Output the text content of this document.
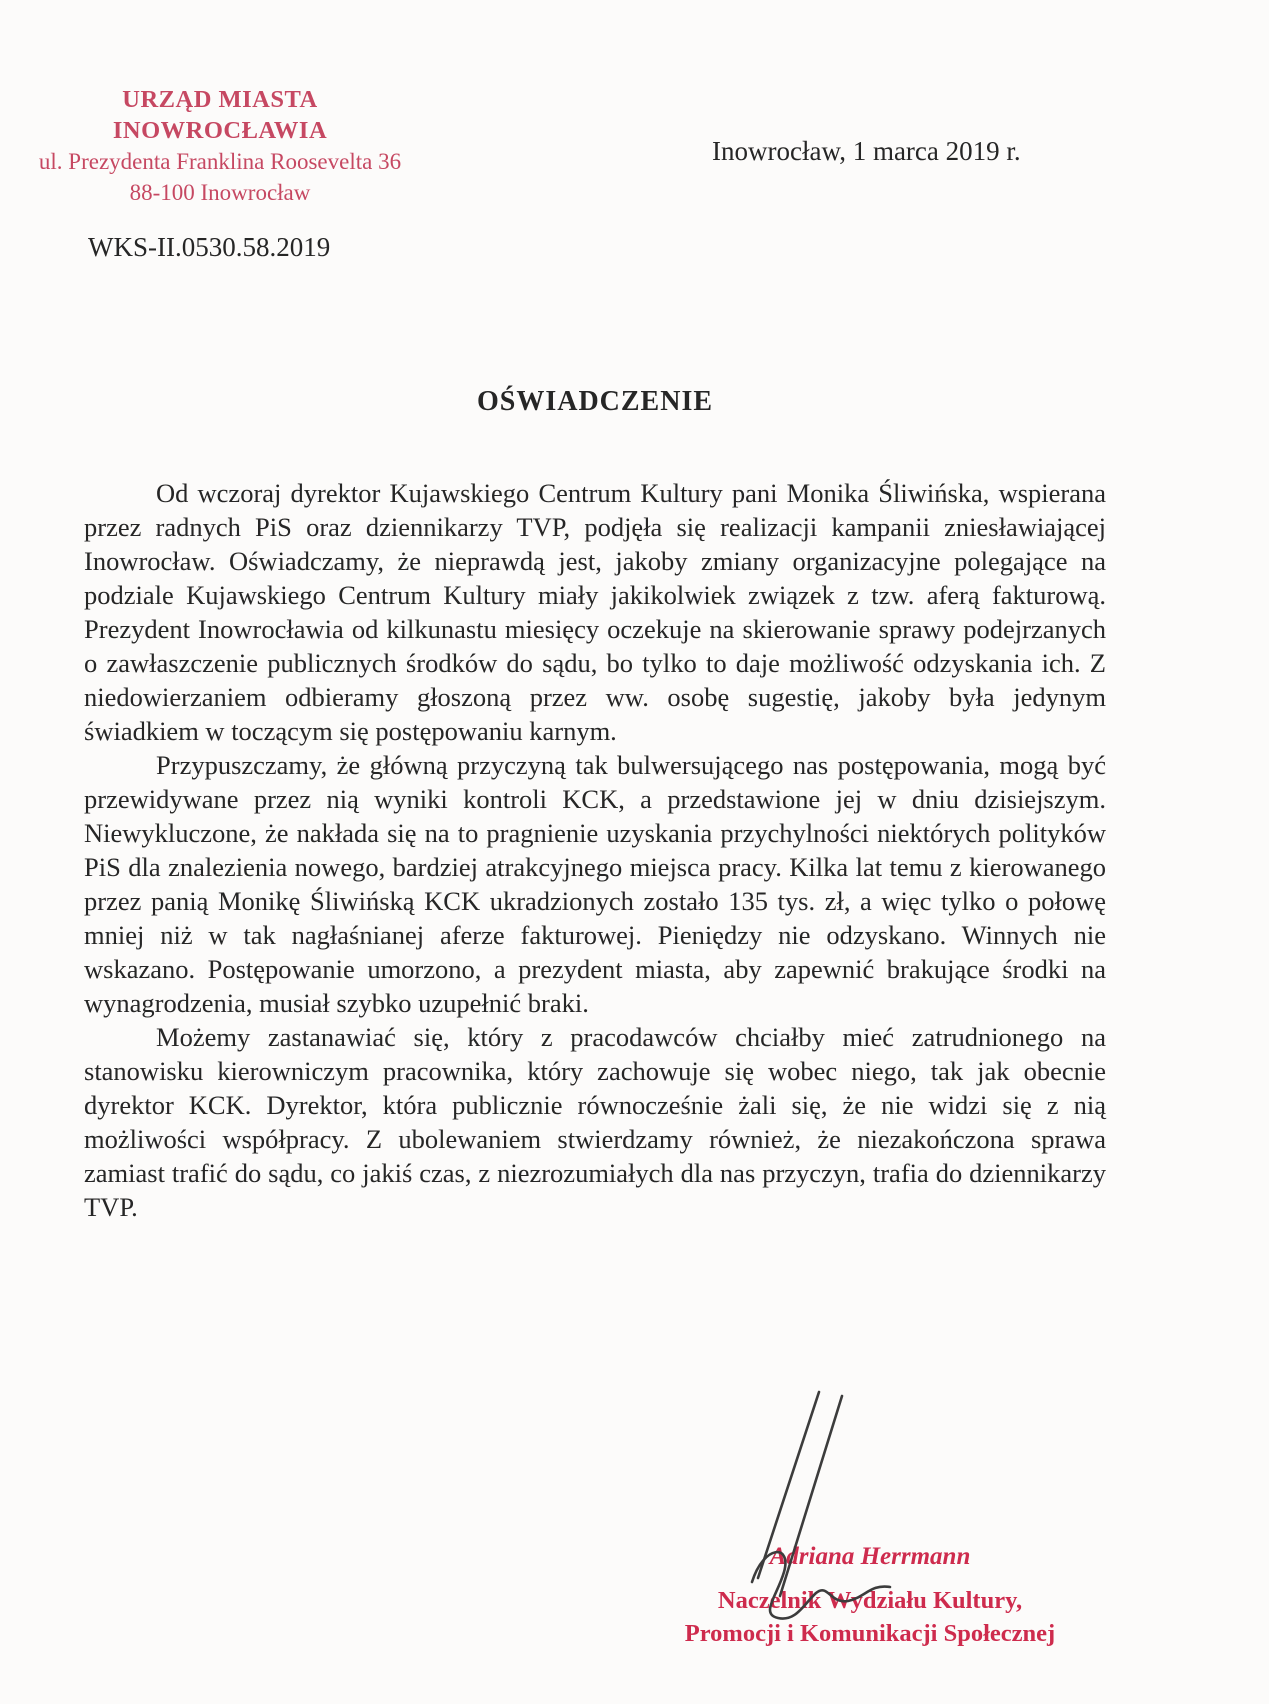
URZĄD MIASTA INOWROCŁAWIA
ul. Prezydenta Franklina Roosevelta 36
88-100 Inowrocław
Inowrocław, 1 marca 2019 r.
WKS-II.0530.58.2019
OŚWIADCZENIE

Od wczoraj dyrektor Kujawskiego Centrum Kultury pani Monika Śliwińska, wspierana przez radnych PiS oraz dziennikarzy TVP, podjęła się realizacji kampanii zniesławiającej Inowrocław. Oświadczamy, że nieprawdą jest, jakoby zmiany organizacyjne polegające na podziale Kujawskiego Centrum Kultury miały jakikolwiek związek z tzw. aferą fakturową. Prezydent Inowrocławia od kilkunastu miesięcy oczekuje na skierowanie sprawy podejrzanych o zawłaszczenie publicznych środków do sądu, bo tylko to daje możliwość odzyskania ich. Z niedowierzaniem odbieramy głoszoną przez ww. osobę sugestię, jakoby była jedynym świadkiem w toczącym się postępowaniu karnym.

Przypuszczamy, że główną przyczyną tak bulwersującego nas postępowania, mogą być przewidywane przez nią wyniki kontroli KCK, a przedstawione jej w dniu dzisiejszym. Niewykluczone, że nakłada się na to pragnienie uzyskania przychylności niektórych polityków PiS dla znalezienia nowego, bardziej atrakcyjnego miejsca pracy. Kilka lat temu z kierowanego przez panią Monikę Śliwińską KCK ukradzionych zostało 135 tys. zł, a więc tylko o połowę mniej niż w tak nagłaśnianej aferze fakturowej. Pieniędzy nie odzyskano. Winnych nie wskazano. Postępowanie umorzono, a prezydent miasta, aby zapewnić brakujące środki na wynagrodzenia, musiał szybko uzupełnić braki.

Możemy zastanawiać się, który z pracodawców chciałby mieć zatrudnionego na stanowisku kierowniczym pracownika, który zachowuje się wobec niego, tak jak obecnie dyrektor KCK. Dyrektor, która publicznie równocześnie żali się, że nie widzi się z nią możliwości współpracy. Z ubolewaniem stwierdzamy również, że niezakończona sprawa zamiast trafić do sądu, co jakiś czas, z niezrozumiałych dla nas przyczyn, trafia do dziennikarzy TVP.

Adriana Herrmann
Naczelnik Wydziału Kultury,
Promocji i Komunikacji Społecznej
